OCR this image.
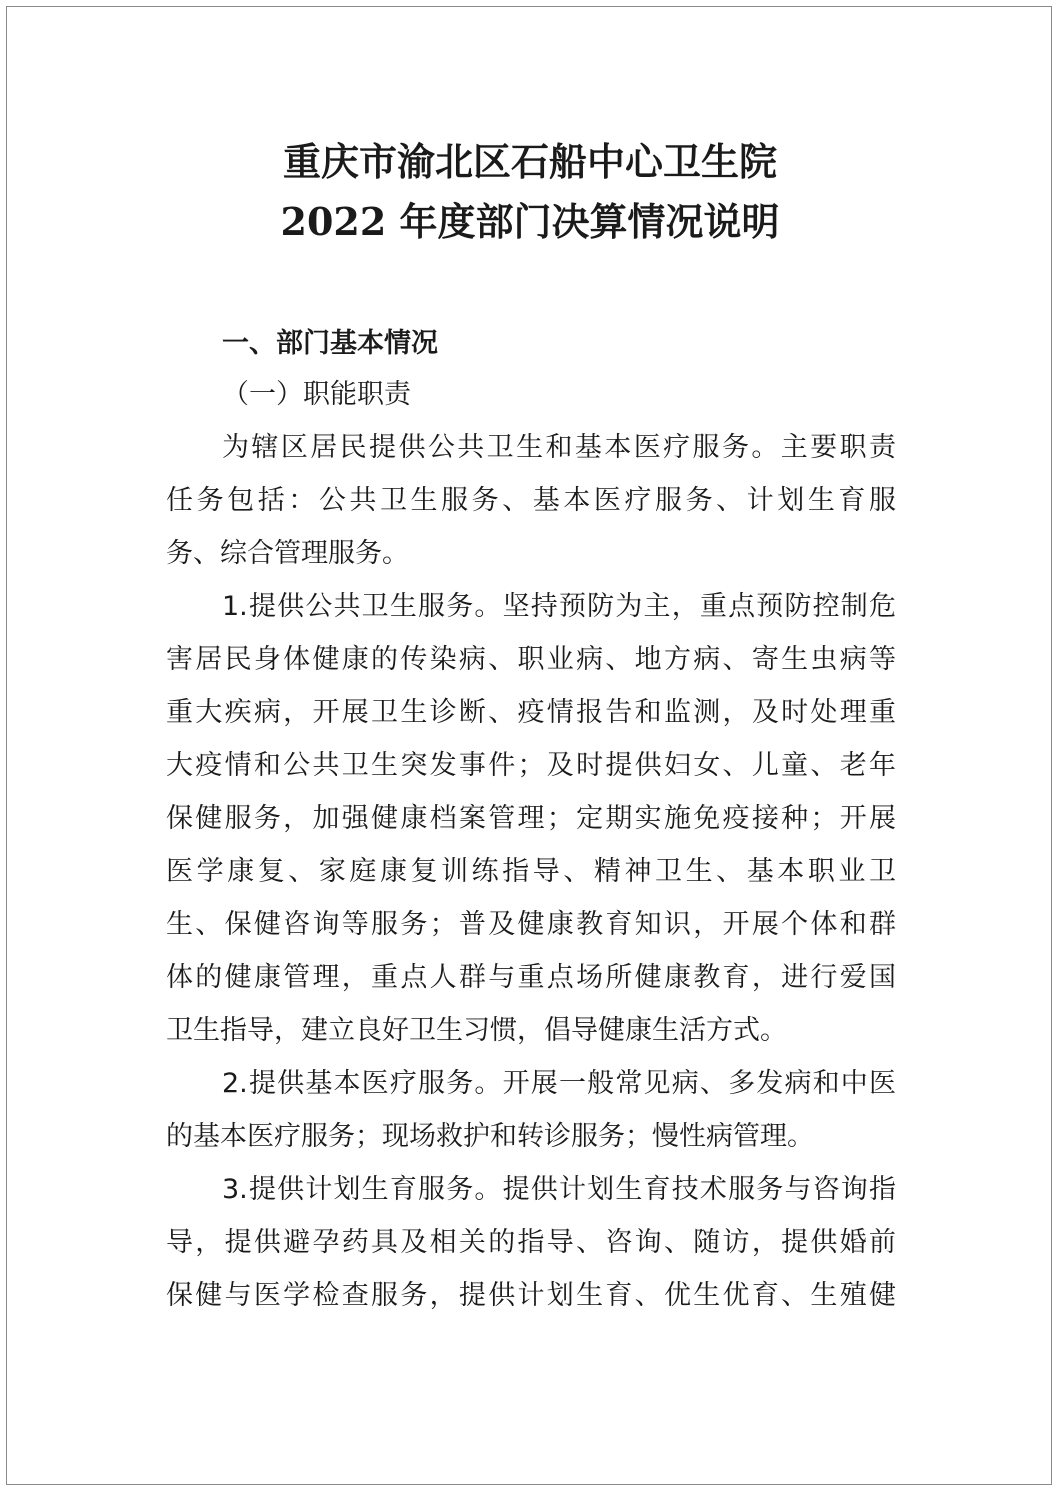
重庆市渝北区石船中心卫生院
2022 年度部门决算情况说明
一、部门基本情况
（一）职能职责
为辖区居民提供公共卫生和基本医疗服务。主要职责
任务包括：公共卫生服务、基本医疗服务、计划生育服
务、综合管理服务。
1.提供公共卫生服务。坚持预防为主，重点预防控制危
害居民身体健康的传染病、职业病、地方病、寄生虫病等
重大疾病，开展卫生诊断、疫情报告和监测，及时处理重
大疫情和公共卫生突发事件；及时提供妇女、儿童、老年
保健服务，加强健康档案管理；定期实施免疫接种；开展
医学康复、家庭康复训练指导、精神卫生、基本职业卫
生、保健咨询等服务；普及健康教育知识，开展个体和群
体的健康管理，重点人群与重点场所健康教育，进行爱国
卫生指导，建立良好卫生习惯，倡导健康生活方式。
2.提供基本医疗服务。开展一般常见病、多发病和中医
的基本医疗服务；现场救护和转诊服务；慢性病管理。
3.提供计划生育服务。提供计划生育技术服务与咨询指
导，提供避孕药具及相关的指导、咨询、随访，提供婚前
保健与医学检查服务，提供计划生育、优生优育、生殖健
